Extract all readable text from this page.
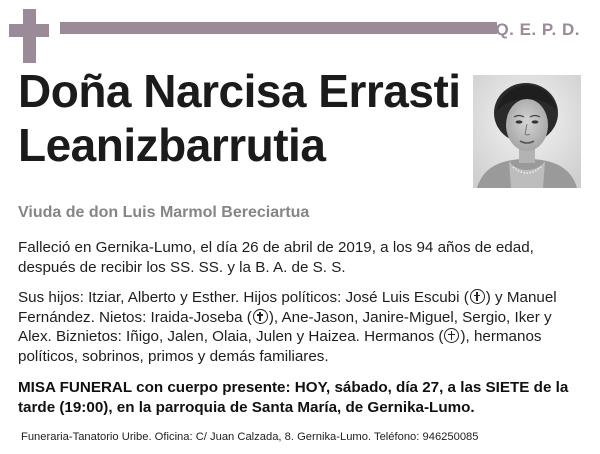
Q. E. P. D.
Doña Narcisa Errasti
Leanizbarrutia
Viuda de don Luis Marmol Bereciartua
Falleció en Gernika-Lumo, el día 26 de abril de 2019, a los 94 años de edad, después de recibir los SS. SS. y la B. A. de S. S.
Sus hijos: Itziar, Alberto y Esther. Hijos políticos: José Luis Escubi ( ) y Manuel Fernández. Nietos: Iraida-Joseba ( ), Ane-Jason, Janire-Miguel, Sergio, Iker y Alex. Biznietos: Iñigo, Jalen, Olaia, Julen y Haizea. Hermanos ( ), hermanos políticos, sobrinos, primos y demás familiares.
MISA FUNERAL con cuerpo presente: HOY, sábado, día 27, a las SIETE de la tarde (19:00), en la parroquia de Santa María, de Gernika-Lumo.
Funeraria-Tanatorio Uribe. Oficina: C/ Juan Calzada, 8. Gernika-Lumo. Teléfono: 946250085
